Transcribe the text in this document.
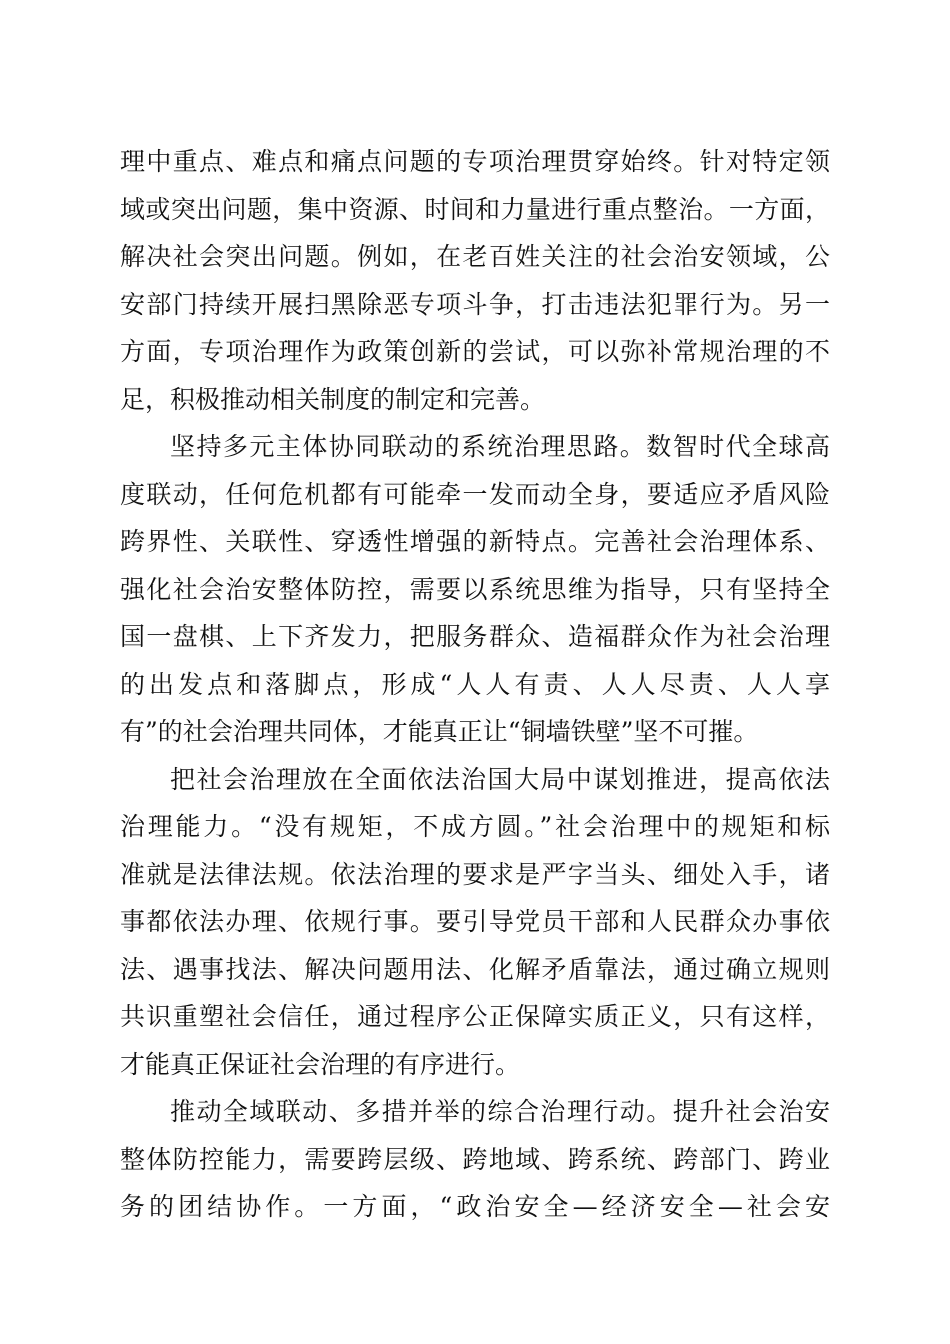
理中重点、难点和痛点问题的专项治理贯穿始终。针对特定领
域或突出问题，集中资源、时间和力量进行重点整治。一方面，
解决社会突出问题。例如，在老百姓关注的社会治安领域，公
安部门持续开展扫黑除恶专项斗争，打击违法犯罪行为。另一
方面，专项治理作为政策创新的尝试，可以弥补常规治理的不
足，积极推动相关制度的制定和完善。
坚持多元主体协同联动的系统治理思路。数智时代全球高
度联动，任何危机都有可能牵一发而动全身，要适应矛盾风险
跨界性、关联性、穿透性增强的新特点。完善社会治理体系、
强化社会治安整体防控，需要以系统思维为指导，只有坚持全
国一盘棋、上下齐发力，把服务群众、造福群众作为社会治理
的出发点和落脚点，形成“人人有责、人人尽责、人人享
有”的社会治理共同体，才能真正让“铜墙铁壁”坚不可摧。
把社会治理放在全面依法治国大局中谋划推进，提高依法
治理能力。“没有规矩，不成方圆。”社会治理中的规矩和标
准就是法律法规。依法治理的要求是严字当头、细处入手，诸
事都依法办理、依规行事。要引导党员干部和人民群众办事依
法、遇事找法、解决问题用法、化解矛盾靠法，通过确立规则
共识重塑社会信任，通过程序公正保障实质正义，只有这样，
才能真正保证社会治理的有序进行。
推动全域联动、多措并举的综合治理行动。提升社会治安
整体防控能力，需要跨层级、跨地域、跨系统、跨部门、跨业
务的团结协作。一方面，“政治安全—经济安全—社会安
